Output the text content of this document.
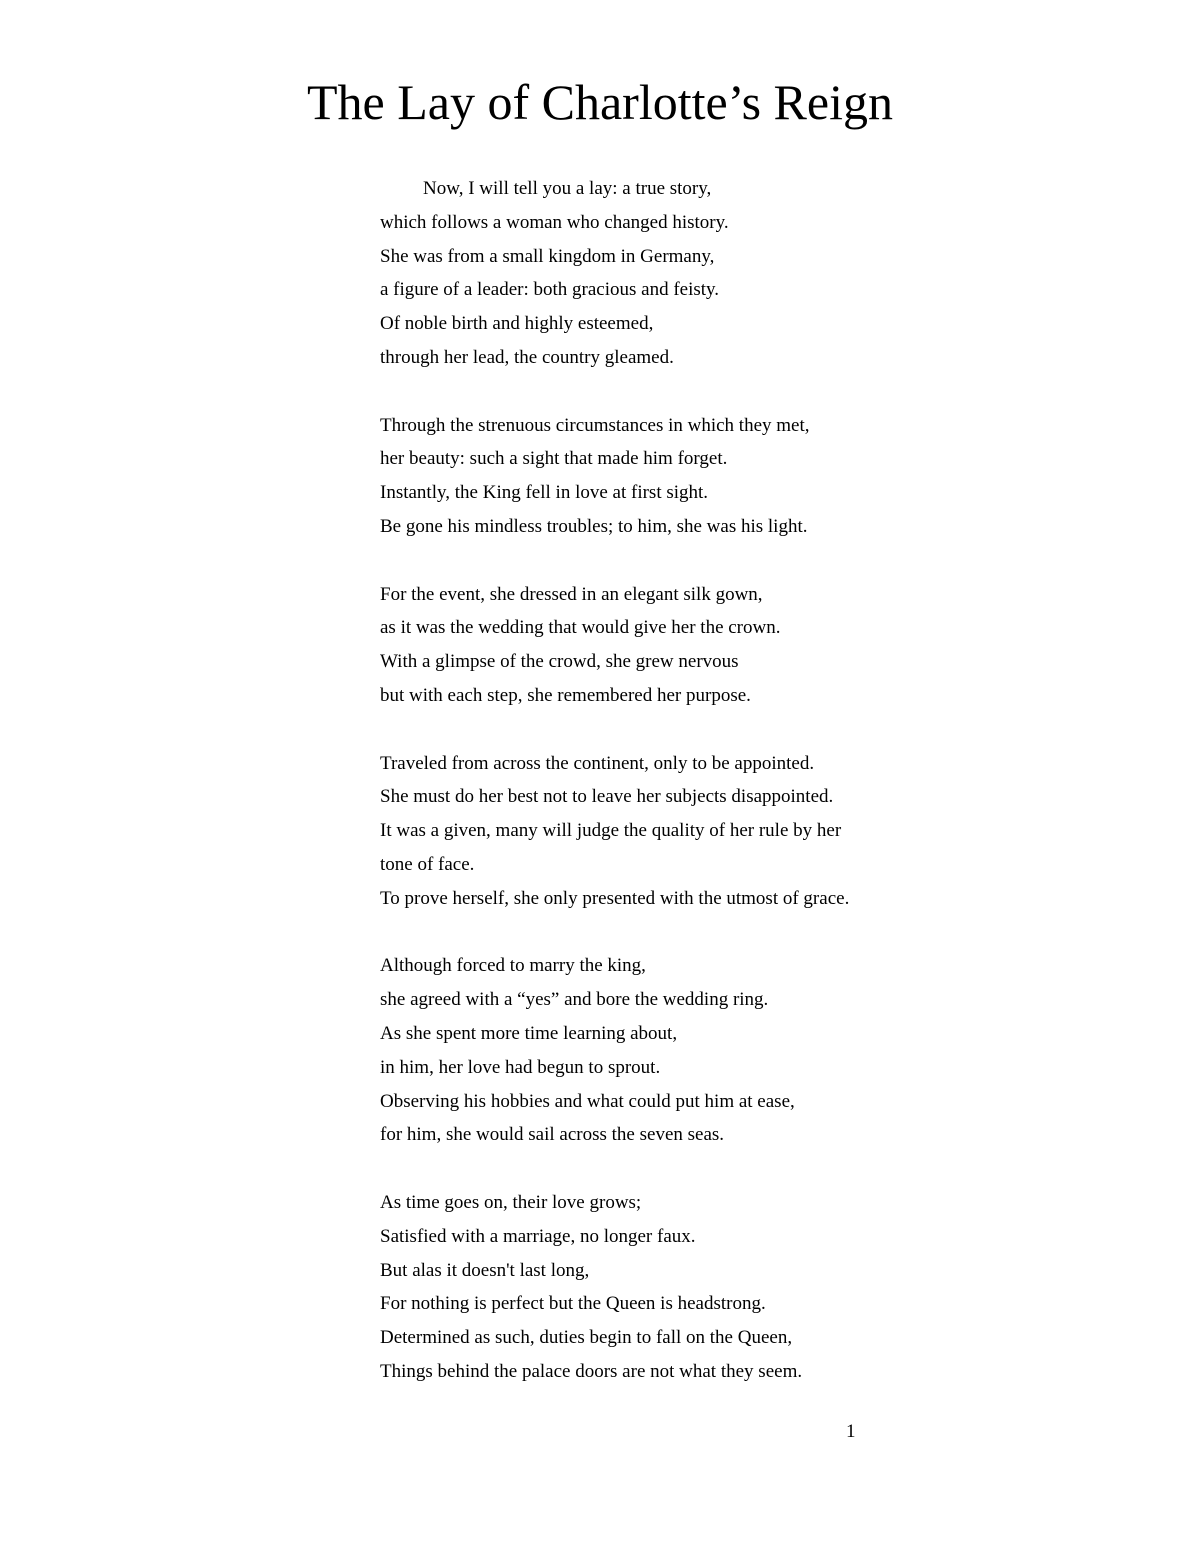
The Lay of Charlotte’s Reign
Now, I will tell you a lay: a true story,
which follows a woman who changed history.
She was from a small kingdom in Germany,
a figure of a leader: both gracious and feisty.
Of noble birth and highly esteemed,
through her lead, the country gleamed.
Through the strenuous circumstances in which they met,
her beauty: such a sight that made him forget.
Instantly, the King fell in love at first sight.
Be gone his mindless troubles; to him, she was his light.
For the event, she dressed in an elegant silk gown,
as it was the wedding that would give her the crown.
With a glimpse of the crowd, she grew nervous
but with each step, she remembered her purpose.
Traveled from across the continent, only to be appointed.
She must do her best not to leave her subjects disappointed.
It was a given, many will judge the quality of her rule by her
tone of face.
To prove herself, she only presented with the utmost of grace.
Although forced to marry the king,
she agreed with a “yes” and bore the wedding ring.
As she spent more time learning about,
in him, her love had begun to sprout.
Observing his hobbies and what could put him at ease,
for him, she would sail across the seven seas.
As time goes on, their love grows;
Satisfied with a marriage, no longer faux.
But alas it doesn't last long,
For nothing is perfect but the Queen is headstrong.
Determined as such, duties begin to fall on the Queen,
Things behind the palace doors are not what they seem.
1
